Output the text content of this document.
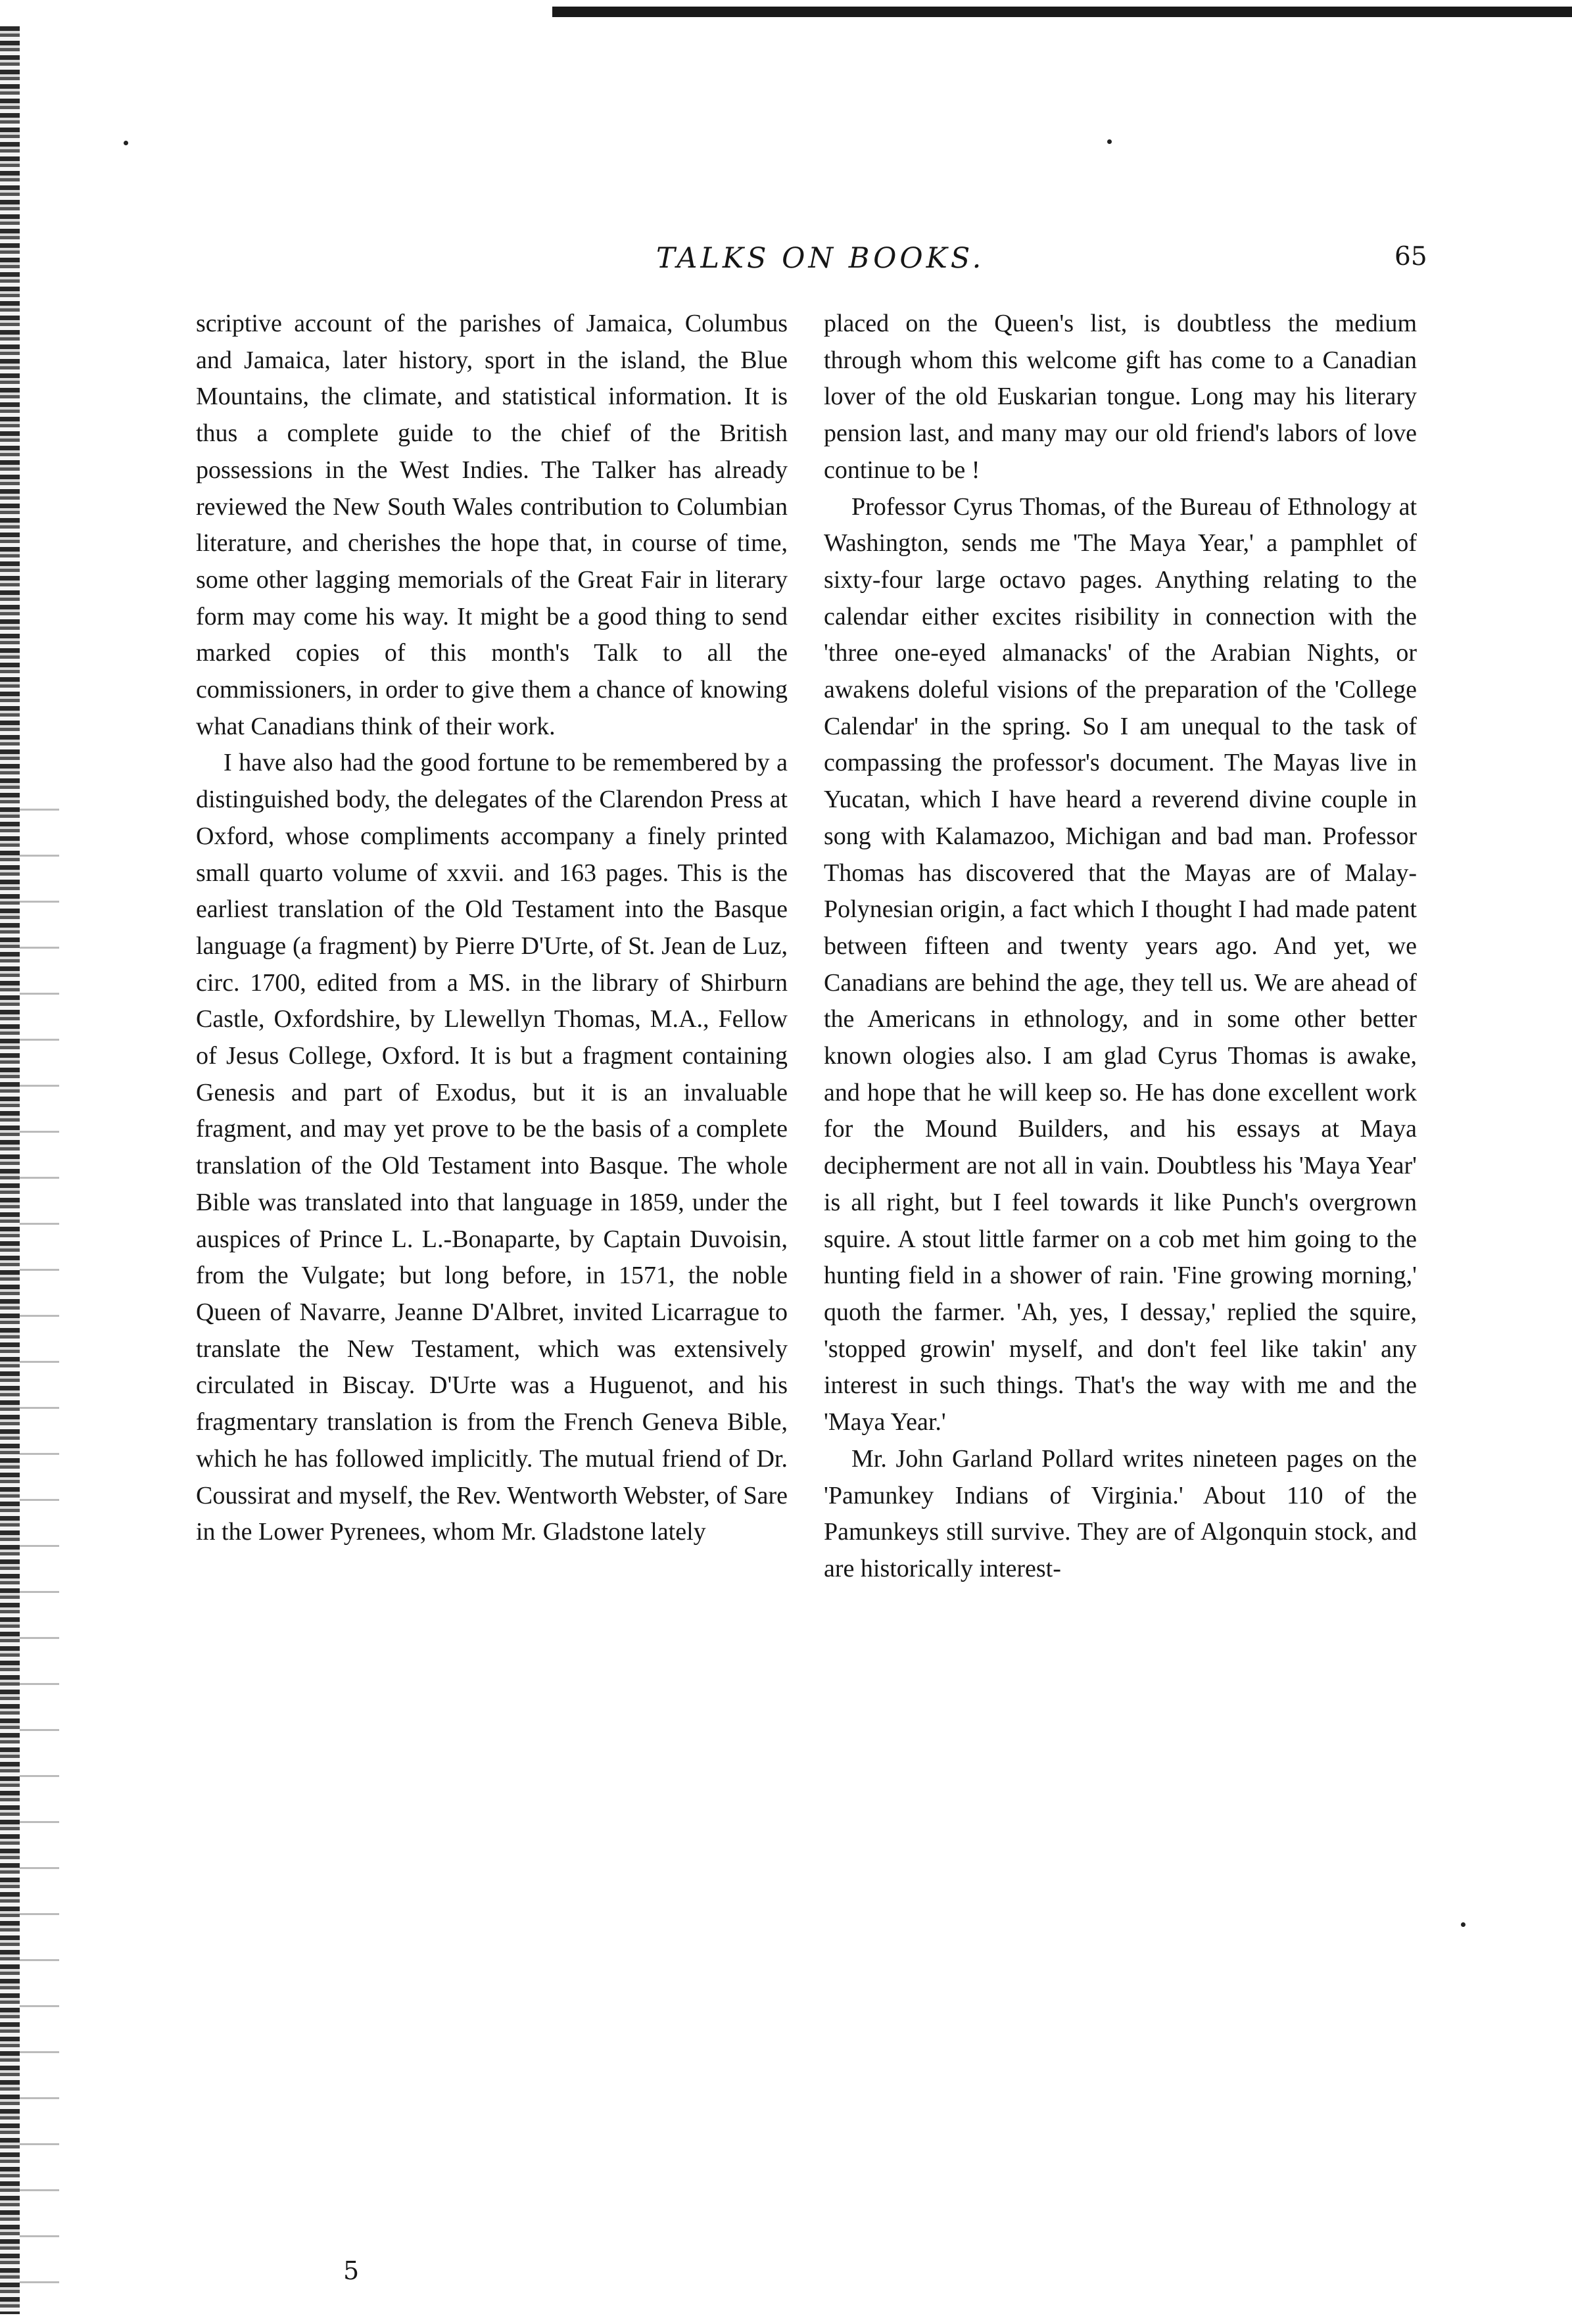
TALKS ON BOOKS.	65

scriptive account of the parishes of Jamaica, Columbus and Jamaica, later history, sport in the island, the Blue Mountains, the climate, and statistical information. It is thus a complete guide to the chief of the British possessions in the West Indies. The Talker has already reviewed the New South Wales contribution to Columbian literature, and cherishes the hope that, in course of time, some other lagging memorials of the Great Fair in literary form may come his way. It might be a good thing to send marked copies of this month's Talk to all the commissioners, in order to give them a chance of knowing what Canadians think of their work.

I have also had the good fortune to be remembered by a distinguished body, the delegates of the Clarendon Press at Oxford, whose compliments accompany a finely printed small quarto volume of xxvii. and 163 pages. This is the earliest translation of the Old Testament into the Basque language (a fragment) by Pierre D'Urte, of St. Jean de Luz, circ. 1700, edited from a MS. in the library of Shirburn Castle, Oxfordshire, by Llewellyn Thomas, M.A., Fellow of Jesus College, Oxford. It is but a fragment containing Genesis and part of Exodus, but it is an invaluable fragment, and may yet prove to be the basis of a complete translation of the Old Testament into Basque. The whole Bible was translated into that language in 1859, under the auspices of Prince L. L.-Bonaparte, by Captain Duvoisin, from the Vulgate; but long before, in 1571, the noble Queen of Navarre, Jeanne D'Albret, invited Licarrague to translate the New Testament, which was extensively circulated in Biscay. D'Urte was a Huguenot, and his fragmentary translation is from the French Geneva Bible, which he has followed implicitly. The mutual friend of Dr. Coussirat and myself, the Rev. Wentworth Webster, of Sare in the Lower Pyrenees, whom Mr. Gladstone lately

placed on the Queen's list, is doubtless the medium through whom this welcome gift has come to a Canadian lover of the old Euskarian tongue. Long may his literary pension last, and many may our old friend's labors of love continue to be !

Professor Cyrus Thomas, of the Bureau of Ethnology at Washington, sends me 'The Maya Year,' a pamphlet of sixty-four large octavo pages. Anything relating to the calendar either excites risibility in connection with the 'three one-eyed almanacks' of the Arabian Nights, or awakens doleful visions of the preparation of the 'College Calendar' in the spring. So I am unequal to the task of compassing the professor's document. The Mayas live in Yucatan, which I have heard a reverend divine couple in song with Kalamazoo, Michigan and bad man. Professor Thomas has discovered that the Mayas are of Malay-Polynesian origin, a fact which I thought I had made patent between fifteen and twenty years ago. And yet, we Canadians are behind the age, they tell us. We are ahead of the Americans in ethnology, and in some other better known ologies also. I am glad Cyrus Thomas is awake, and hope that he will keep so. He has done excellent work for the Mound Builders, and his essays at Maya decipherment are not all in vain. Doubtless his 'Maya Year' is all right, but I feel towards it like Punch's overgrown squire. A stout little farmer on a cob met him going to the hunting field in a shower of rain. 'Fine growing morning,' quoth the farmer. 'Ah, yes, I dessay,' replied the squire, 'stopped growin' myself, and don't feel like takin' any interest in such things. That's the way with me and the 'Maya Year.'

Mr. John Garland Pollard writes nineteen pages on the 'Pamunkey Indians of Virginia.' About 110 of the Pamunkeys still survive. They are of Algonquin stock, and are historically interest-

5
